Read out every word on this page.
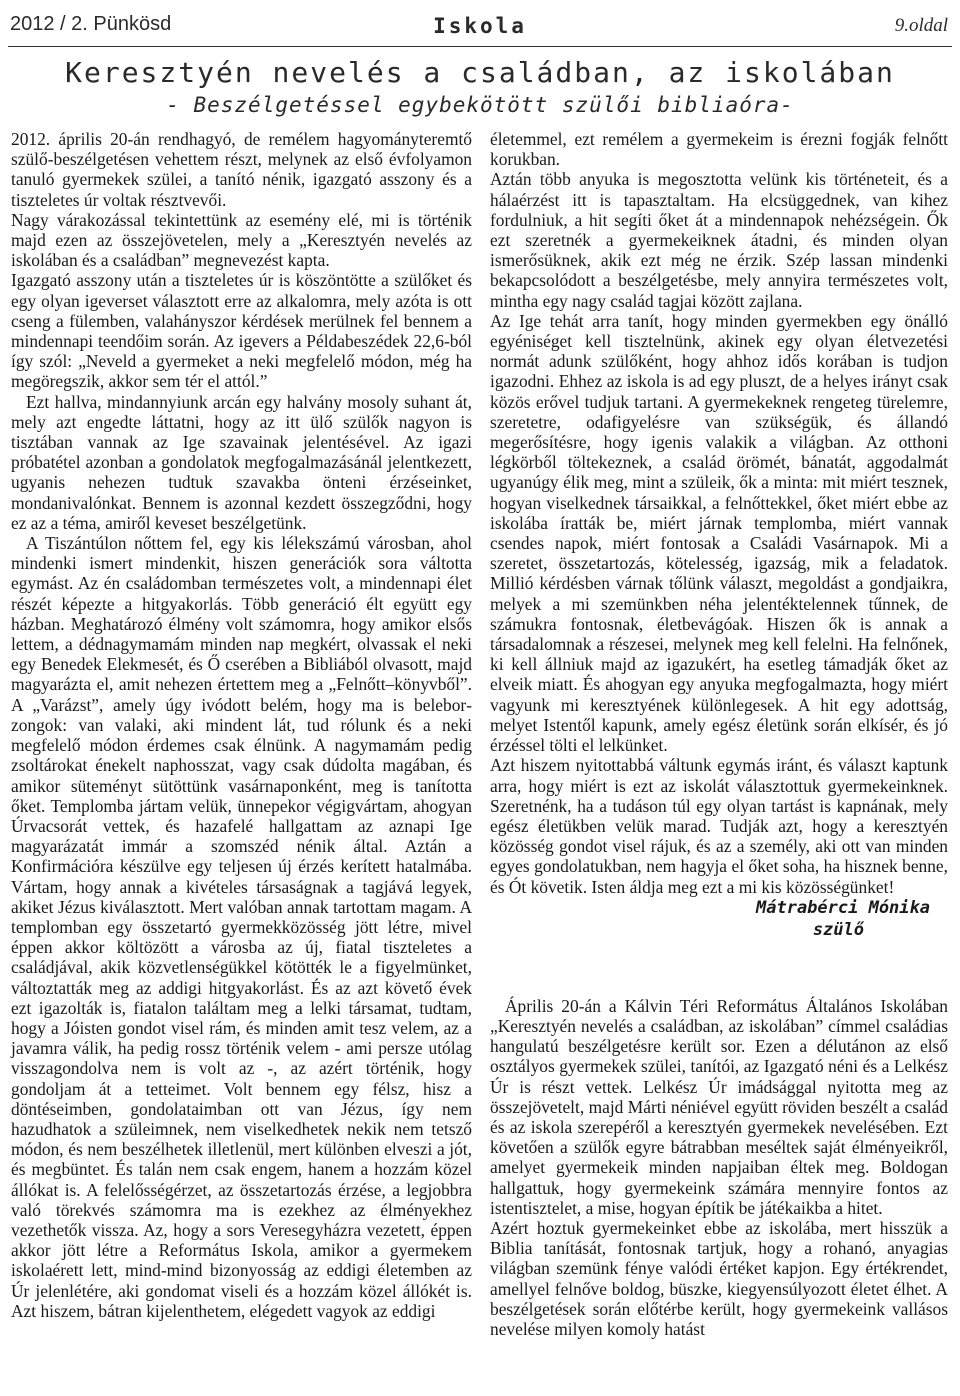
2012 / 2. Pünkösd	Iskola	9.oldal
Keresztyén nevelés a családban, az iskolában
- Beszélgetéssel egybekötött szülői bibliaóra-

2012. április 20-án rendhagyó, de remélem hagyományteremtő szülő-beszélgetésen vehettem részt, melynek az első évfolyamon tanuló gyermekek szülei, a tanító nénik, igazgató asszony és a tiszteletes úr voltak résztvevői.

Nagy várakozással tekintettünk az esemény elé, mi is történik majd ezen az összejövetelen, mely a „Keresztyén nevelés az iskolában és a családban” megnevezést kapta.

Igazgató asszony után a tiszteletes úr is köszöntötte a szülőket és egy olyan igeverset választott erre az alkalomra, mely azóta is ott cseng a fülemben, valahányszor kérdések merülnek fel bennem a mindennapi teendőim során. Az igevers a Példabeszédek 22,6-ból így szól: „Neveld a gyermeket a neki megfelelő módon, még ha megöregszik, akkor sem tér el attól.”

Ezt hallva, mindannyiunk arcán egy halvány mosoly suhant át, mely azt engedte láttatni, hogy az itt ülő szülők nagyon is tisztában vannak az Ige szavainak jelentésével. Az igazi próbatétel azonban a gondolatok megfogalmazásánál jelentkezett, ugyanis nehezen tudtuk szavakba önteni érzéseinket, mondanivalónkat. Bennem is azonnal kezdett összegződni, hogy ez az a téma, amiről keveset beszélgetünk.

A Tiszántúlon nőttem fel, egy kis lélekszámú városban, ahol mindenki ismert mindenkit, hiszen generációk sora váltotta egymást. Az én családomban természetes volt, a mindennapi élet részét képezte a hitgyakorlás. Több generáció élt együtt egy házban. Meghatározó élmény volt számomra, hogy amikor elsős lettem, a dédnagymamám minden nap megkért, olvassak el neki egy Benedek Elekmesét, és Ő cserében a Bibliából olvasott, majd magyarázta el, amit nehezen értettem meg a „Felnőtt–könyvből”. A „Varázst”, amely úgy ivódott belém, hogy ma is beleborzongok: van valaki, aki mindent lát, tud rólunk és a neki megfelelő módon érdemes csak élnünk. A nagymamám pedig zsoltárokat énekelt naphosszat, vagy csak dúdolta magában, és amikor süteményt sütöttünk vasárnaponként, meg is tanította őket. Templomba jártam velük, ünnepekor végigvártam, ahogyan Úrvacsorát vettek, és hazafelé hallgattam az aznapi Ige magyarázatát immár a szomszéd nénik által. Aztán a Konfirmációra készülve egy teljesen új érzés kerített hatalmába. Vártam, hogy annak a kivételes társaságnak a tagjává legyek, akiket Jézus kiválasztott. Mert valóban annak tartottam magam. A templomban egy összetartó gyermekközösség jött létre, mivel éppen akkor költözött a városba az új, fiatal tiszteletes a családjával, akik közvetlenségükkel kötötték le a figyelmünket, változtatták meg az addigi hitgyakorlást. És az azt követő évek ezt igazolták is, fiatalon találtam meg a lelki társamat, tudtam, hogy a Jóisten gondot visel rám, és minden amit tesz velem, az a javamra válik, ha pedig rossz történik velem - ami persze utólag visszagondolva nem is volt az -, az azért történik, hogy gondoljam át a tetteimet. Volt bennem egy félsz, hisz a döntéseimben, gondolataimban ott van Jézus, így nem hazudhatok a szüleimnek, nem viselkedhetek nekik nem tetsző módon, és nem beszélhetek illetlenül, mert különben elveszi a jót, és megbüntet. És talán nem csak engem, hanem a hozzám közel állókat is. A felelősségérzet, az összetartozás érzése, a legjobbra való törekvés számomra ma is ezekhez az élményekhez vezethetők vissza. Az, hogy a sors Veresegyházra vezetett, éppen akkor jött létre a Református Iskola, amikor a gyermekem iskolaérett lett, mind-mind bizonyosság az eddigi életemben az Úr jelenlétére, aki gondomat viseli és a hozzám közel állókét is. Azt hiszem, bátran kijelenthetem, elégedett vagyok az eddigi

életemmel, ezt remélem a gyermekeim is érezni fogják felnőtt korukban.

Aztán több anyuka is megosztotta velünk kis történeteit, és a hálaérzést itt is tapasztaltam. Ha elcsüggednek, van kihez fordulniuk, a hit segíti őket át a mindennapok nehézségein. Ők ezt szeretnék a gyermekeiknek átadni, és minden olyan ismerősüknek, akik ezt még ne érzik. Szép lassan mindenki bekapcsolódott a beszélgetésbe, mely annyira természetes volt, mintha egy nagy család tagjai között zajlana.

Az Ige tehát arra tanít, hogy minden gyermekben egy önálló egyéniséget kell tisztelnünk, akinek egy olyan életvezetési normát adunk szülőként, hogy ahhoz idős korában is tudjon igazodni. Ehhez az iskola is ad egy pluszt, de a helyes irányt csak közös erővel tudjuk tartani. A gyermekeknek rengeteg türelemre, szeretetre, odafigyelésre van szükségük, és állandó megerősítésre, hogy igenis valakik a világban. Az otthoni légkörből töltekeznek, a család örömét, bánatát, aggodalmát ugyanúgy élik meg, mint a szüleik, ők a minta: mit miért tesznek, hogyan viselkednek társaikkal, a felnőttekkel, őket miért ebbe az iskolába íratták be, miért járnak templomba, miért vannak csendes napok, miért fontosak a Családi Vasárnapok. Mi a szeretet, összetartozás, kötelesség, igazság, mik a feladatok. Millió kérdésben várnak tőlünk választ, megoldást a gondjaikra, melyek a mi szemünkben néha jelentéktelennek tűnnek, de számukra fontosnak, életbevágóak. Hiszen ők is annak a társadalomnak a részesei, melynek meg kell felelni. Ha felnőnek, ki kell állniuk majd az igazukért, ha esetleg támadják őket az elveik miatt. És ahogyan egy anyuka megfogalmazta, hogy miért vagyunk mi keresztyének különlegesek. A hit egy adottság, melyet Istentől kapunk, amely egész életünk során elkísér, és jó érzéssel tölti el lelkünket.

Azt hiszem nyitottabbá váltunk egymás iránt, és választ kaptunk arra, hogy miért is ezt az iskolát választottuk gyermekeinknek. Szeretnénk, ha a tudáson túl egy olyan tartást is kapnának, mely egész életükben velük marad. Tudják azt, hogy a keresztyén közösség gondot visel rájuk, és az a személy, aki ott van minden egyes gondolatukban, nem hagyja el őket soha, ha hisznek benne, és Ót követik. Isten áldja meg ezt a mi kis közösségünket!

Mátrabérci Mónika
szülő

Április 20-án a Kálvin Téri Református Általános Iskolában „Keresztyén nevelés a családban, az iskolában” címmel családias hangulatú beszélgetésre került sor. Ezen a délutánon az első osztályos gyermekek szülei, tanítói, az Igazgató néni és a Lelkész Úr is részt vettek. Lelkész Úr imádsággal nyitotta meg az összejövetelt, majd Márti néniével együtt röviden beszélt a család és az iskola szerepéről a keresztyén gyermekek nevelésében. Ezt követően a szülők egyre bátrabban meséltek saját élményeikről, amelyet gyermekeik minden napjaiban éltek meg. Boldogan hallgattuk, hogy gyermekeink számára mennyire fontos az istentisztelet, a mise, hogyan építik be játékaikba a hitet.

Azért hoztuk gyermekeinket ebbe az iskolába, mert hisszük a Biblia tanítását, fontosnak tartjuk, hogy a rohanó, anyagias világban szemünk fénye valódi értéket kapjon. Egy értékrendet, amellyel felnőve boldog, büszke, kiegyensúlyozott életet élhet. A beszélgetések során előtérbe került, hogy gyermekeink vallásos nevelése milyen komoly hatást
